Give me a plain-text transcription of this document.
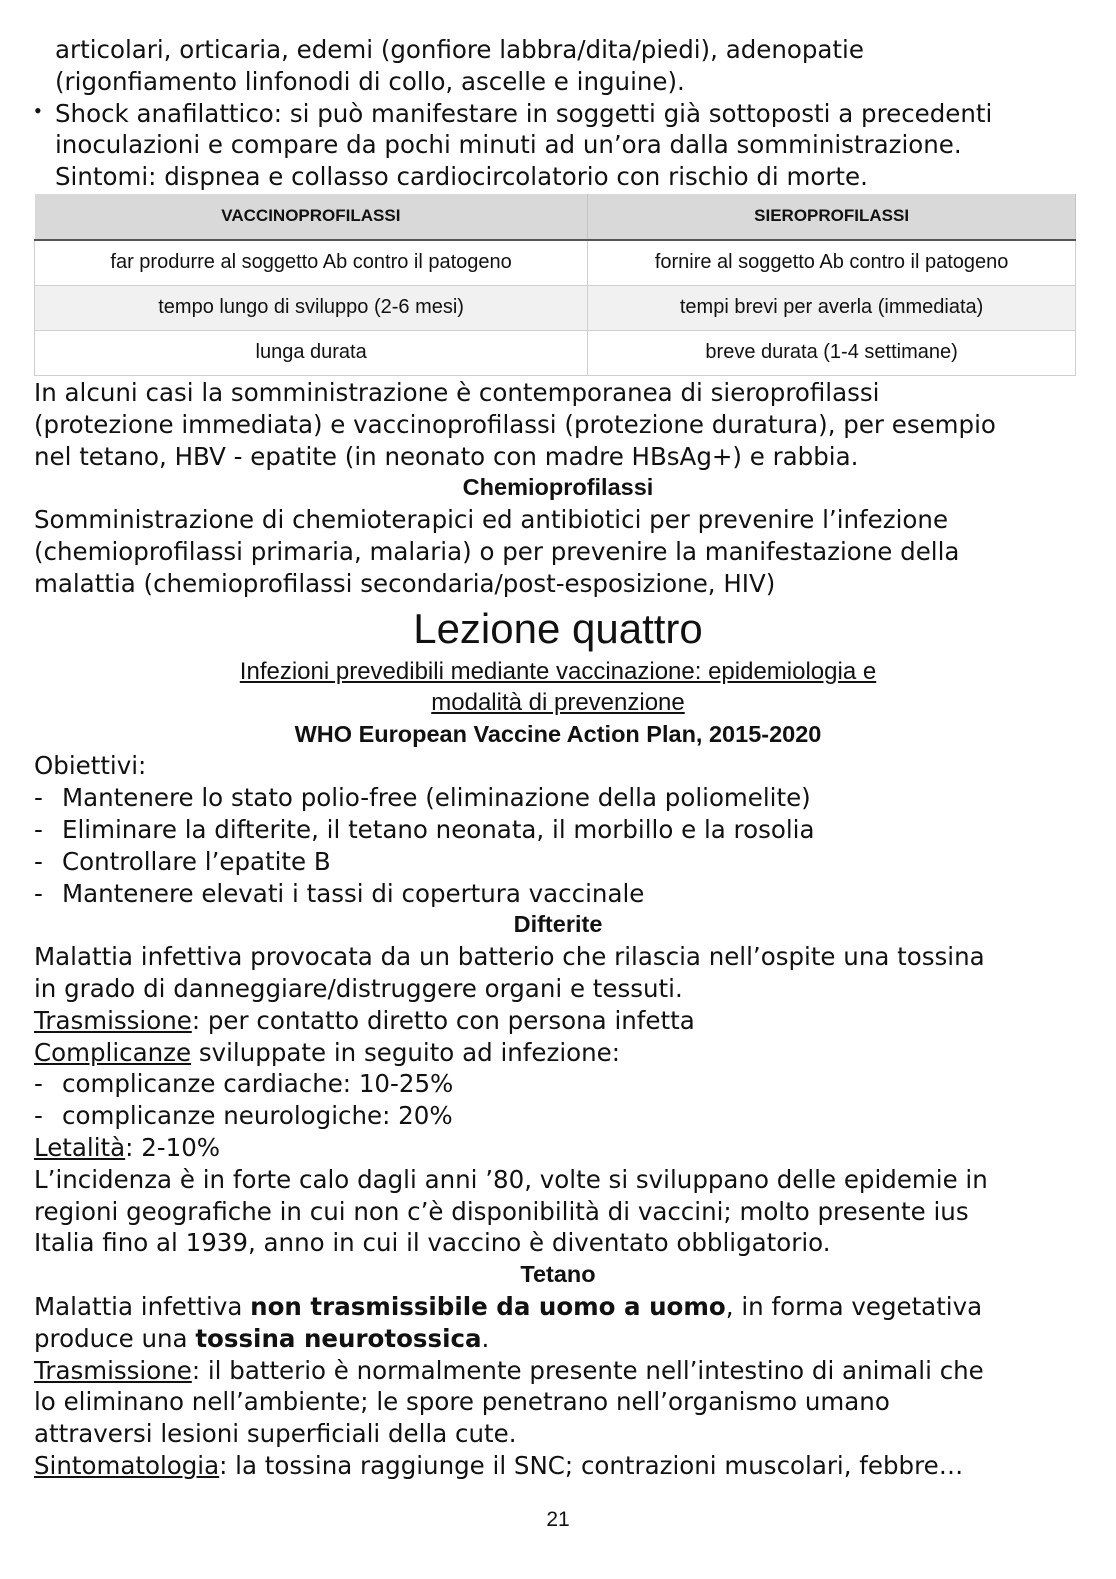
articolari, orticaria, edemi (gonfiore labbra/dita/piedi), adenopatie

(rigonfiamento linfonodi di collo, ascelle e inguine).

• Shock anafilattico: si può manifestare in soggetti già sottoposti a precedenti

inoculazioni e compare da pochi minuti ad un’ora dalla somministrazione.

Sintomi: dispnea e collasso cardiocircolatorio con rischio di morte.

VACCINOPROFILASSI	SIEROPROFILASSI
far produrre al soggetto Ab contro il patogeno	fornire al soggetto Ab contro il patogeno
tempo lungo di sviluppo (2-6 mesi)	tempi brevi per averla (immediata)
lunga durata	breve durata (1-4 settimane)

In alcuni casi la somministrazione è contemporanea di sieroprofilassi

(protezione immediata) e vaccinoprofilassi (protezione duratura), per esempio

nel tetano, HBV - epatite (in neonato con madre HBsAg+) e rabbia.

Chemioprofilassi

Somministrazione di chemioterapici ed antibiotici per prevenire l’infezione

(chemioprofilassi primaria, malaria) o per prevenire la manifestazione della

malattia (chemioprofilassi secondaria/post-esposizione, HIV)

Lezione quattro

Infezioni prevedibili mediante vaccinazione: epidemiologia e

modalità di prevenzione

WHO European Vaccine Action Plan, 2015-2020

Obiettivi:

- Mantenere lo stato polio-free (eliminazione della poliomelite)
- Eliminare la difterite, il tetano neonata, il morbillo e la rosolia
- Controllare l’epatite B
- Mantenere elevati i tassi di copertura vaccinale

Difterite

Malattia infettiva provocata da un batterio che rilascia nell’ospite una tossina

in grado di danneggiare/distruggere organi e tessuti.

Trasmissione: per contatto diretto con persona infetta

Complicanze sviluppate in seguito ad infezione:

- complicanze cardiache: 10-25%
- complicanze neurologiche: 20%

Letalità: 2-10%

L’incidenza è in forte calo dagli anni ’80, volte si sviluppano delle epidemie in

regioni geografiche in cui non c’è disponibilità di vaccini; molto presente ius

Italia fino al 1939, anno in cui il vaccino è diventato obbligatorio.

Tetano

Malattia infettiva non trasmissibile da uomo a uomo, in forma vegetativa

produce una tossina neurotossica.

Trasmissione: il batterio è normalmente presente nell’intestino di animali che

lo eliminano nell’ambiente; le spore penetrano nell’organismo umano

attraversi lesioni superficiali della cute.

Sintomatologia: la tossina raggiunge il SNC; contrazioni muscolari, febbre…

21
